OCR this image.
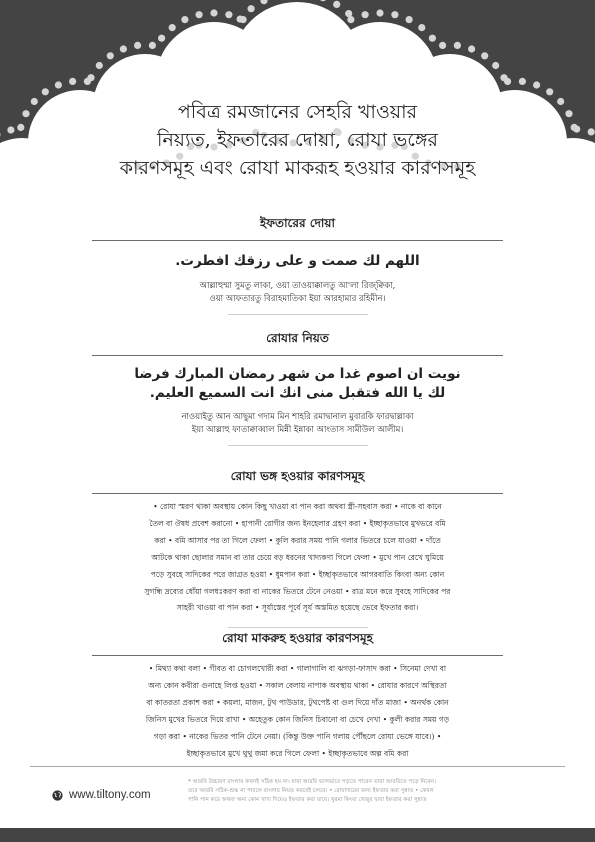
পবিত্র রমজানের সেহরি খাওয়ার
নিয়্যত, ইফতারের দোয়া, রোযা ভঙ্গের
কারণসমূহ এবং রোযা মাকরূহ হওয়ার কারণসমূহ
ইফতারের দোয়া
اللهم لك صمت و على رزقك افطرت.
আল্লাহুম্মা সুমতু লাকা, ওয়া তাওয়াক্কালতু আ'লা রিজ্‌ক্বিকা,
ওয়া আফতারতু বিরাহমাতিকা ইয়া আরহামার রহিমীন।
রোযার নিয়ত
نويت ان اصوم غدا من شهر رمضان المبارك فرضا
لك يا الله فتقبل منى انك انت السميع العليم.
নাওয়াইতু আন আছুমা গদাম মিন শাহরি রমাদ্বানাল মুবারকি ফারদ্বাল্লাকা
ইয়া আল্লাহু ফাতাক্বাব্বাল মিন্নী ইন্নাকা আংতাস সামীউল আলীম।
রোযা ভঙ্গ হওয়ার কারণসমূহ
• রোযা স্মরণ থাকা অবস্থায় কোন কিছু খাওয়া বা পান করা অথবা স্ত্রী-সহবাস করা • নাকে বা কানে
তৈল বা ঔষধ প্রবেশ করানো • হাপানী রোগীর জন্য ইনহেলার গ্রহণ করা • ইচ্ছাকৃতভাবে মুখভরে বমি
করা • বমি আসার পর তা গিলে ফেলা • কুলি করার সময় পানি গলার ভিতরে চলে যাওয়া • দাঁতে
আটকে থাকা ছোলার সমান বা তার চেয়ে বড় ধরনের খাদ্যকণা গিলে ফেলা • মুখে পান রেখে ঘুমিয়ে
পড়ে সুবহে সাদিকের পরে জাগ্রত হওয়া • ধুমপান করা • ইচ্ছাকৃতভাবে আগরবাতি কিংবা অন্য কোন
সুগন্ধি দ্রব্যের ধোঁয়া গলধঃকরণ করা বা নাকের ভিতরে টেনে নেওয়া • রাত্র মনে করে সুবহে সাদিকের পর
সাহরী খাওয়া বা পান করা • সূর্যাস্তের পূর্বে সূর্য অস্তমিত হয়েছে ভেবে ইফতার করা।
রোযা মাকরুহ হওয়ার কারণসমূহ
• মিথ্যা কথা বলা • গীবত বা চোগলখোরী করা • গালাগালি বা ঝগড়া-ফাসাদ করা • সিনেমা দেখা বা
অন্য কোন কবীরা গুনাহে লিপ্ত হওয়া • সকাল বেলায় নাপাক অবস্থায় থাকা • রোযার কারণে অস্থিরতা
বা কাতরতা প্রকাশ করা • কয়লা, মাজন, টুথ পাউডার, টুথপেষ্ট বা গুল দিয়ে দাঁত মাজা • অনর্থক কোন
জিনিস মুখের ভিতরে দিয়ে রাখা • অহেতুক কোন জিনিস চিবানো বা চেখে দেখা • কুলী করার সময় গড়
গড়া করা • নাকের ভিতর পানি টেনে নেয়া। (কিন্তু উক্ত পানি গলায় পৌঁছলে রোযা ভেঙ্গে যাবে।) •
ইচ্ছাকৃতভাবে মুখে থুথু জমা করে গিলে ফেলা • ইচ্ছাকৃতভাবে অল্প বমি করা
www.tiltony.com
* আরবি উচ্চারণ বাংলার কখনই সঠিক হয় না। যারা আরবি ভালভাবে পড়তে পারেন তারা আরবিতে পড়ে নিবেন।
তবে আরবি সঠিক-শুদ্ধ না পারলে বাংলায় নিয়ত করবেই চলবে। • রোযাদারের জন্য ইফতার করা সুন্নাত • কেবল
পানি পান করে অথবা অন্য কোন খাদ্য দিয়েও ইফতার করা যাবে। খুরমা কিংবা খেজুর দ্বারা ইফতার করা সুন্নাত
